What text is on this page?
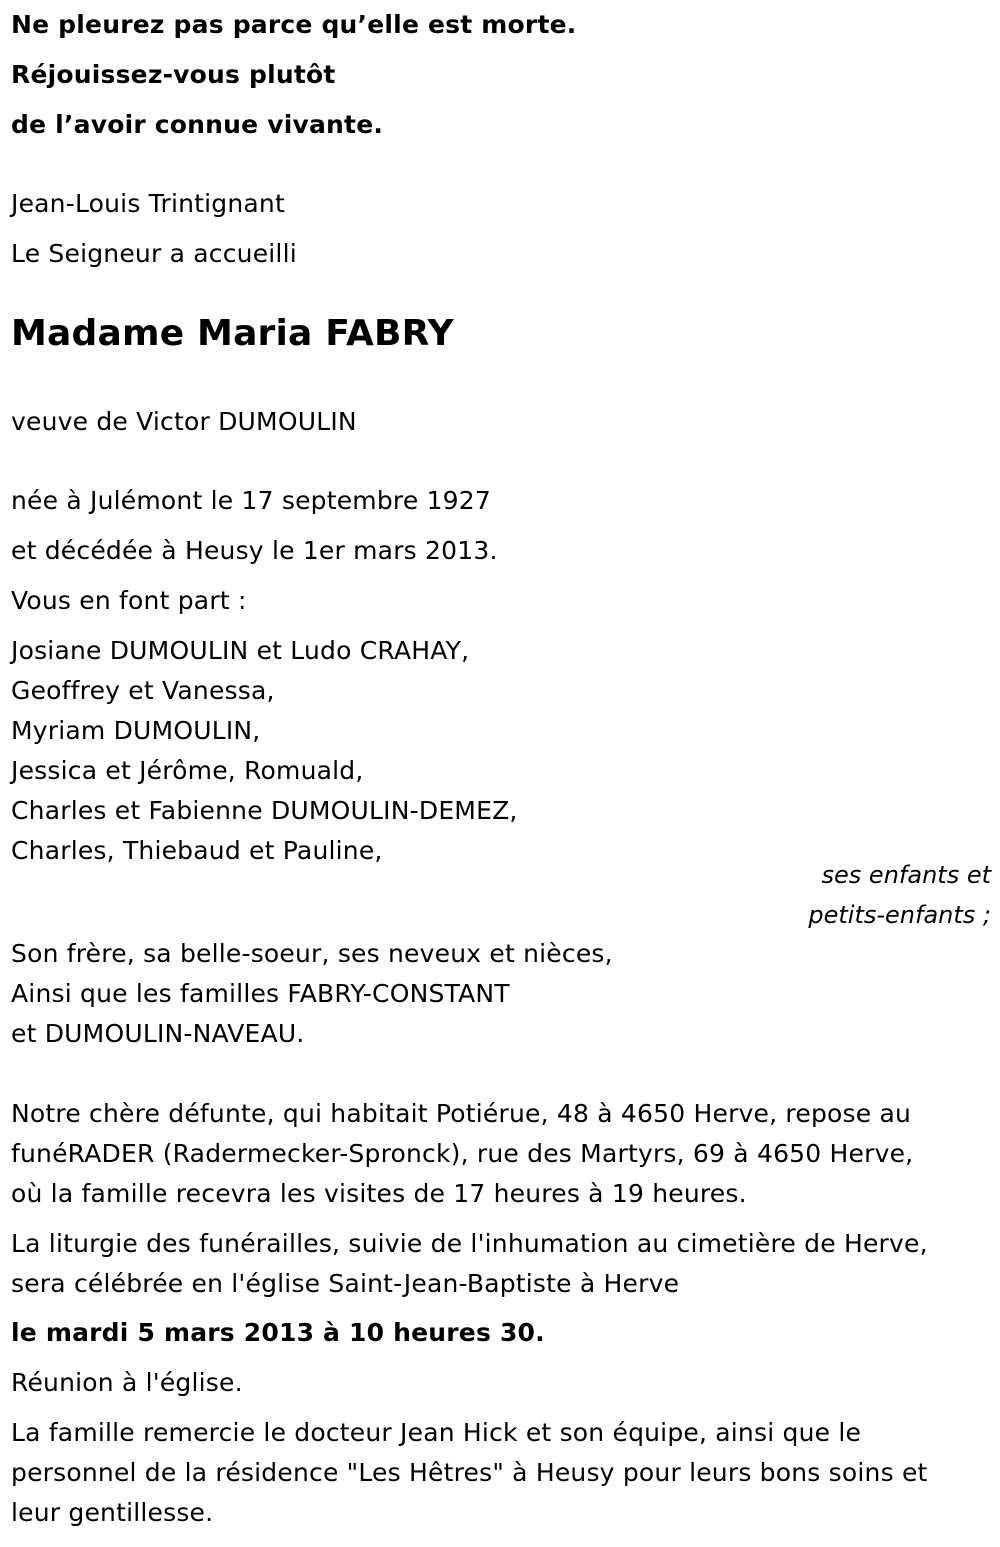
Ne pleurez pas parce qu’elle est morte.
Réjouissez-vous plutôt
de l’avoir connue vivante.
Jean-Louis Trintignant
Le Seigneur a accueilli
Madame Maria FABRY
veuve de Victor DUMOULIN
née à Julémont le 17 septembre 1927
et décédée à Heusy le 1er mars 2013.
Vous en font part :
Josiane DUMOULIN et Ludo CRAHAY,
Geoffrey et Vanessa,
Myriam DUMOULIN,
Jessica et Jérôme, Romuald,
Charles et Fabienne DUMOULIN-DEMEZ,
Charles, Thiebaud et Pauline,
ses enfants et
petits-enfants ;
Son frère, sa belle-soeur, ses neveux et nièces,
Ainsi que les familles FABRY-CONSTANT
et DUMOULIN-NAVEAU.
Notre chère défunte, qui habitait Potiérue, 48 à 4650 Herve, repose au
funéRADER (Radermecker-Spronck), rue des Martyrs, 69 à 4650 Herve,
où la famille recevra les visites de 17 heures à 19 heures.
La liturgie des funérailles, suivie de l'inhumation au cimetière de Herve,
sera célébrée en l'église Saint-Jean-Baptiste à Herve
le mardi 5 mars 2013 à 10 heures 30.
Réunion à l'église.
La famille remercie le docteur Jean Hick et son équipe, ainsi que le
personnel de la résidence "Les Hêtres" à Heusy pour leurs bons soins et
leur gentillesse.
